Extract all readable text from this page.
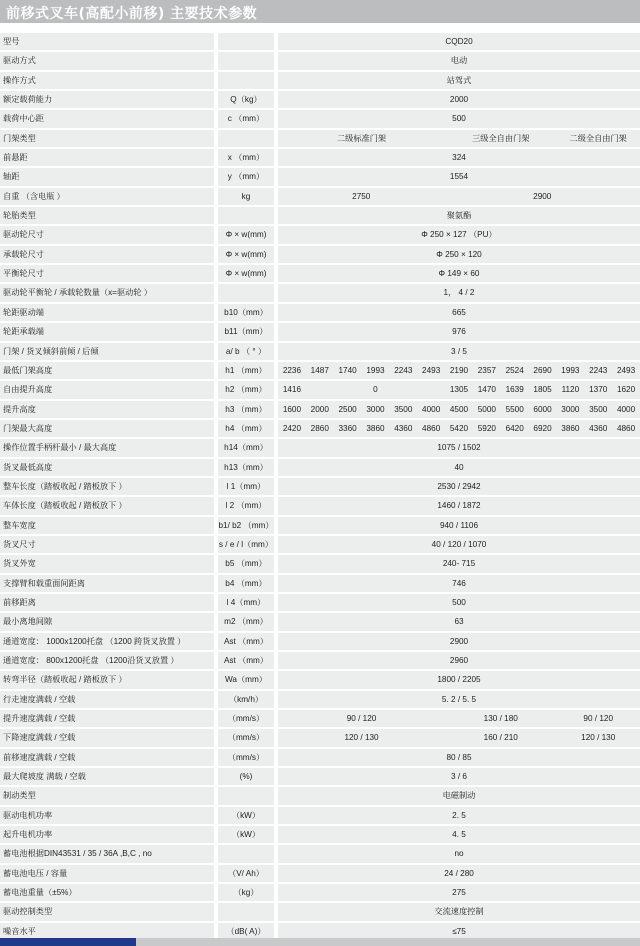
前移式叉车(高配小前移) 主要技术参数
型号	CQD20
驱动方式	电动
操作方式	站驾式
额定载荷能力	Q（kg）	2000
载荷中心距	c （mm）	500
门架类型	二级标准门架	三级全自由门架	二级全自由门架
前悬距	x （mm）	324
轴距	y （mm）	1554
自重 （含电瓶 ）	kg	2750	2900
轮胎类型	聚氨酯
驱动轮尺寸	Φ × w(mm)	Φ 250 × 127 （PU）
承载轮尺寸	Φ × w(mm)	Φ 250 × 120
平衡轮尺寸	Φ × w(mm)	Φ 149 × 60
驱动轮平衡轮 / 承载轮数量（x=驱动轮 ）	1， 4 / 2
轮距驱动端	b10（mm）	665
轮距承载端	b11（mm）	976
门架 / 货叉倾斜前倾 / 后倾	a/ b （ ° ）	3 / 5
最低门架高度	h1 （mm）	2236	1487	1740	1993	2243	2493	2190	2357	2524	2690	1993	2243	2493
自由提升高度	h2 （mm）	1416	0	1305	1470	1639	1805	1120	1370	1620
提升高度	h3 （mm）	1600	2000	2500	3000	3500	4000	4500	5000	5500	6000	3000	3500	4000
门架最大高度	h4 （mm）	2420	2860	3360	3860	4360	4860	5420	5920	6420	6920	3860	4360	4860
操作位置手柄杆最小 / 最大高度	h14（mm）	1075 / 1502
货叉最低高度	h13（mm）	40
整车长度（踏板收起 / 踏板放下 ）	l 1（mm）	2530 / 2942
车体长度（踏板收起 / 踏板放下 ）	l 2 （mm）	1460 / 1872
整车宽度	b1/ b2 （mm）	940 / 1106
货叉尺寸	s / e / l（mm）	40 / 120 / 1070
货叉外宽	b5 （mm）	240- 715
支撑臂和载重面间距离	b4 （mm）	746
前移距离	l 4（mm）	500
最小离地间隙	m2 （mm）	63
通道宽度： 1000x1200托盘 （1200 跨货叉放置 ）	Ast （mm）	2900
通道宽度： 800x1200托盘 （1200沿货叉放置 ）	Ast （mm）	2960
转弯半径（踏板收起 / 踏板放下 ）	Wa（mm）	1800 / 2205
行走速度满载 / 空载	（km/h）	5. 2 / 5. 5
提升速度满载 / 空载	（mm/s）	90 / 120	130 / 180	90 / 120
下降速度满载 / 空载	（mm/s）	120 / 130	160 / 210	120 / 130
前移速度满载 / 空载	（mm/s）	80 / 85
最大爬坡度 满载 / 空载	(%)	3 / 6
制动类型	电磁制动
驱动电机功率	（kW）	2. 5
起升电机功率	（kW）	4. 5
蓄电池根据DIN43531 / 35 / 36A ,B,C , no	no
蓄电池电压 / 容量	（V/ Ah）	24 / 280
蓄电池重量（±5%）	（kg）	275
驱动控制类型	交流速度控制
噪音水平	（dB( A)）	≤75
